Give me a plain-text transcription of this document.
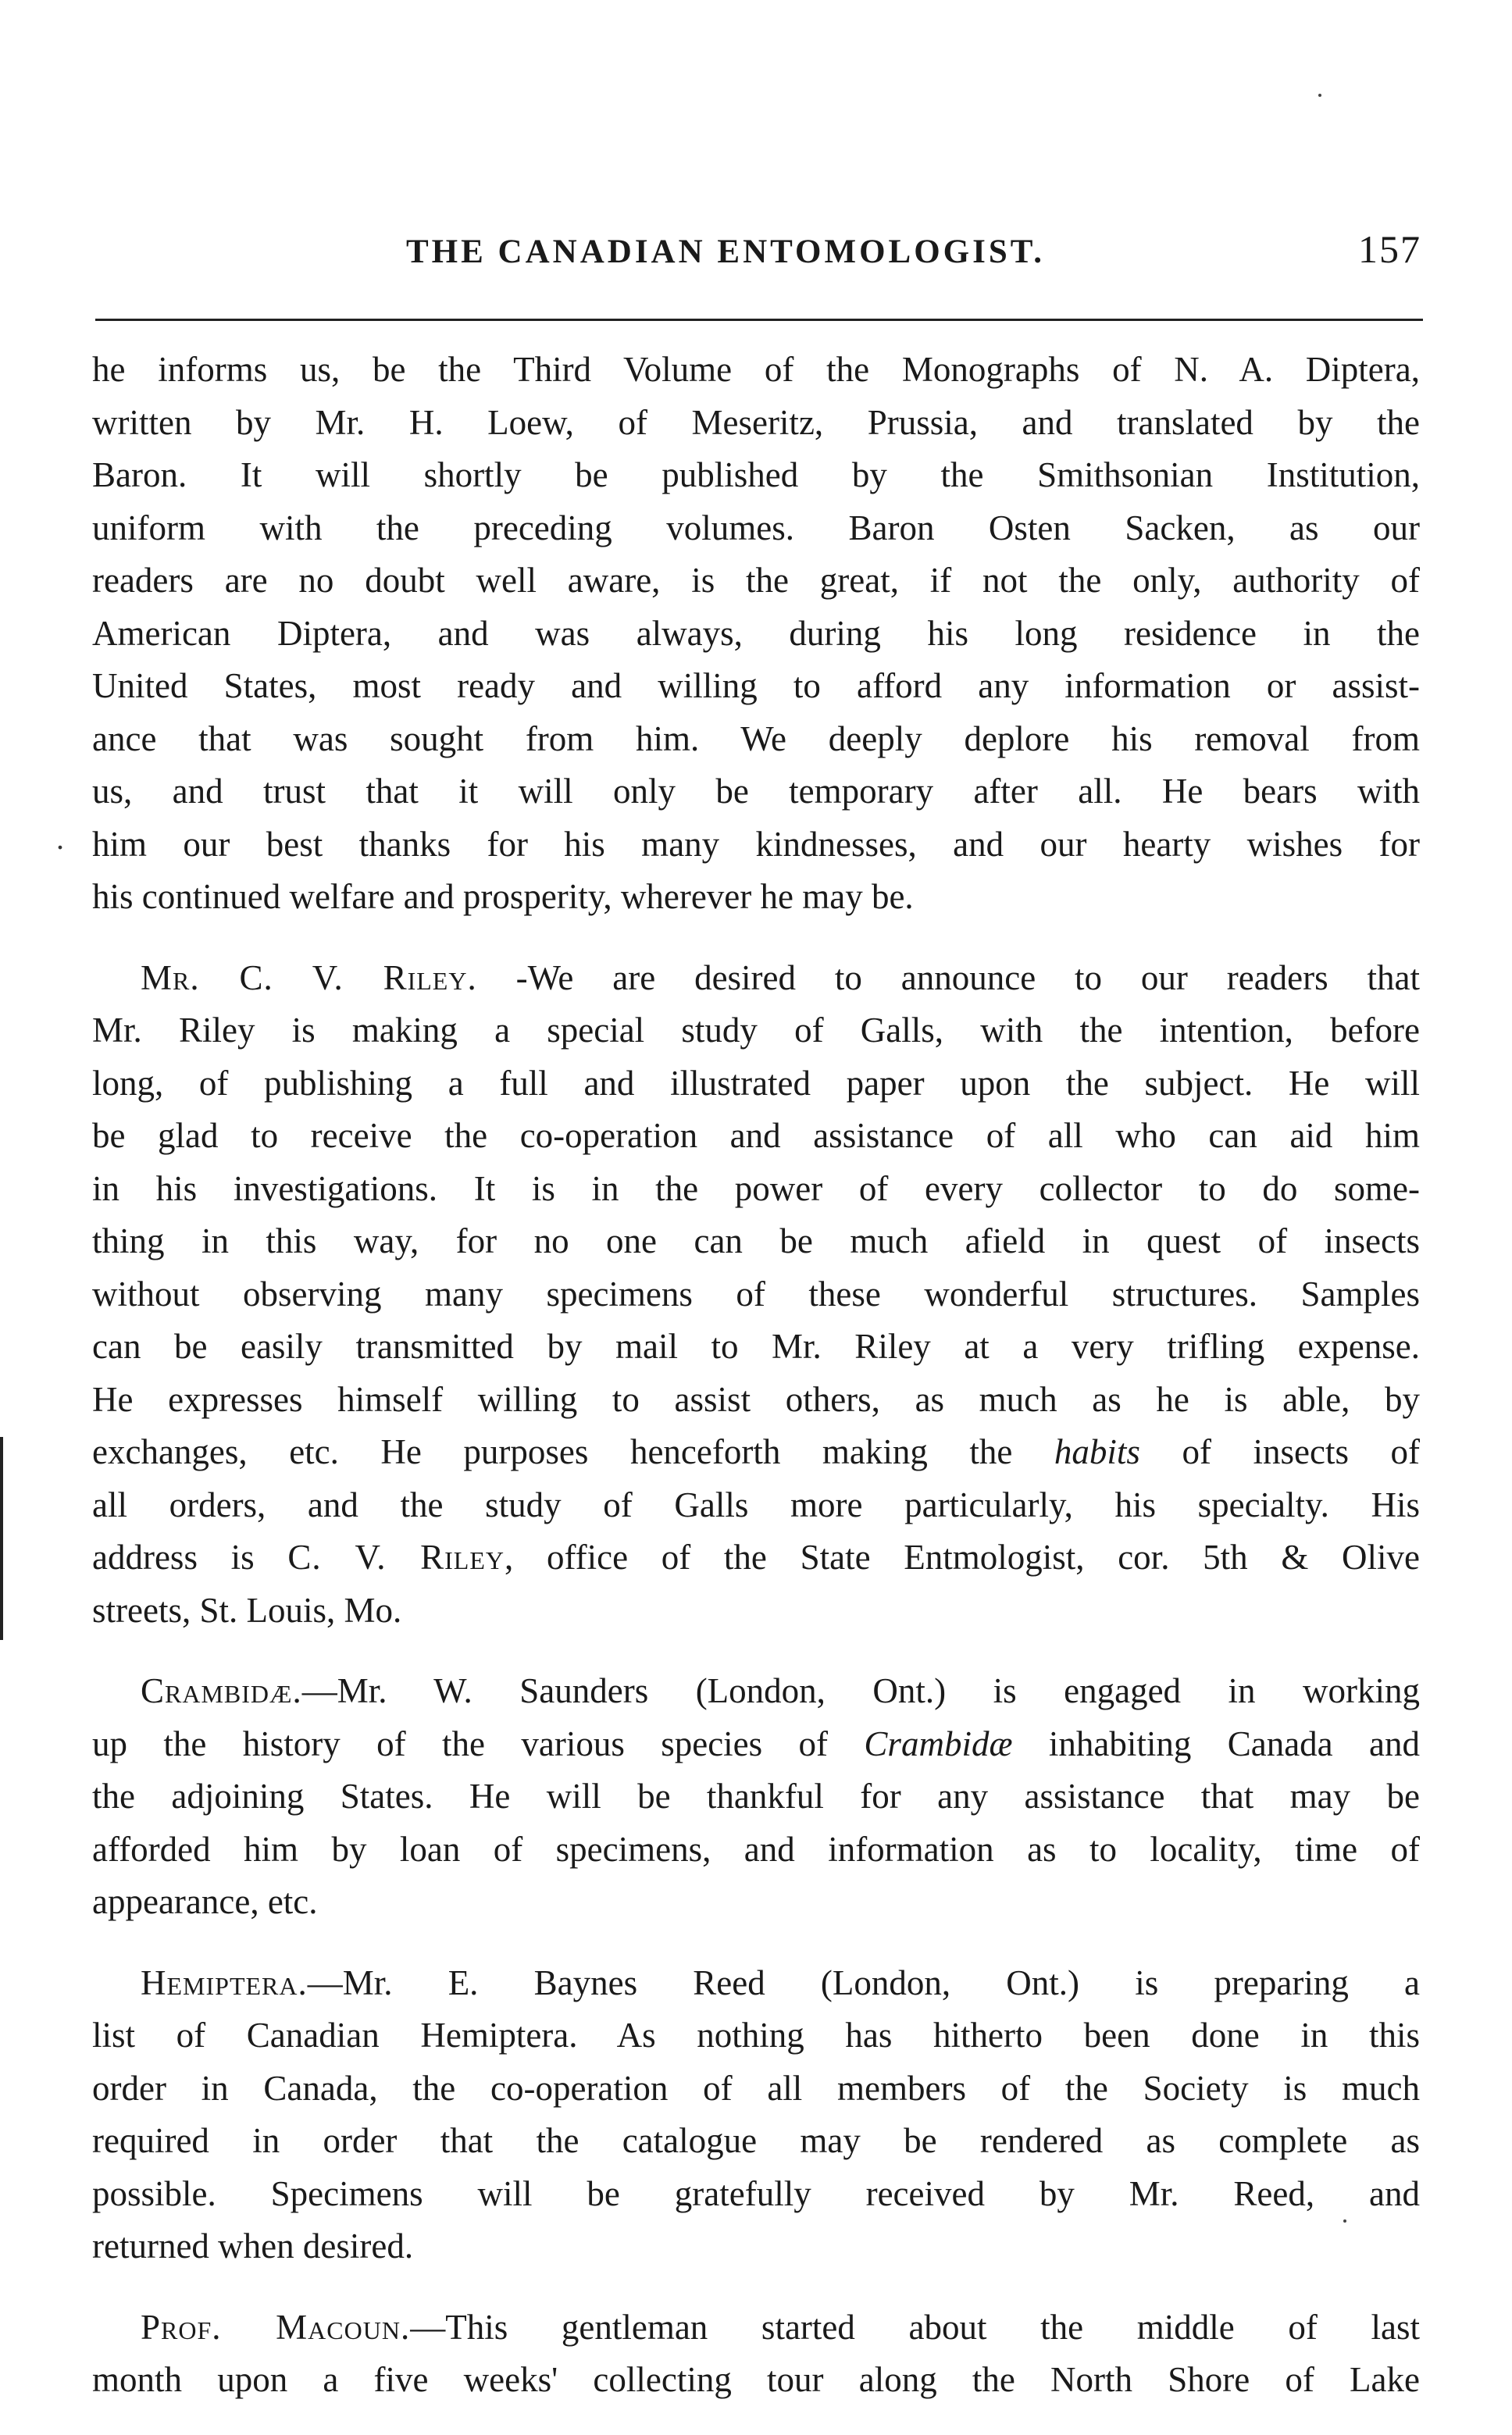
THE CANADIAN ENTOMOLOGIST.	157
.
he informs us, be the Third Volume of the Monographs of N. A. Diptera,
written by Mr. H. Loew, of Meseritz, Prussia, and translated by the
Baron. It will shortly be published by the Smithsonian Institution,
uniform with the preceding volumes. Baron Osten Sacken, as our
readers are no doubt well aware, is the great, if not the only, authority of
American Diptera, and was always, during his long residence in the
United States, most ready and willing to afford any information or assist-
ance that was sought from him. We deeply deplore his removal from
us, and trust that it will only be temporary after all. He bears with
him our best thanks for his many kindnesses, and our hearty wishes for
his continued welfare and prosperity, wherever he may be.
Mr. C. V. Riley. -We are desired to announce to our readers that
Mr. Riley is making a special study of Galls, with the intention, before
long, of publishing a full and illustrated paper upon the subject. He will
be glad to receive the co-operation and assistance of all who can aid him
in his investigations. It is in the power of every collector to do some-
thing in this way, for no one can be much afield in quest of insects
without observing many specimens of these wonderful structures. Samples
can be easily transmitted by mail to Mr. Riley at a very trifling expense.
He expresses himself willing to assist others, as much as he is able, by
exchanges, etc. He purposes henceforth making the habits of insects of
all orders, and the study of Galls more particularly, his specialty. His
address is C. V. Riley, office of the State Entmologist, cor. 5th & Olive
streets, St. Louis, Mo.
Crambidæ.—Mr. W. Saunders (London, Ont.) is engaged in working
up the history of the various species of Crambidæ inhabiting Canada and
the adjoining States. He will be thankful for any assistance that may be
afforded him by loan of specimens, and information as to locality, time of
appearance, etc.
Hemiptera.—Mr. E. Baynes Reed (London, Ont.) is preparing a
list of Canadian Hemiptera. As nothing has hitherto been done in this
order in Canada, the co-operation of all members of the Society is much
required in order that the catalogue may be rendered as complete as
possible. Specimens will be gratefully received by Mr. Reed, and
returned when desired.
Prof. Macoun.—This gentleman started about the middle of last
month upon a five weeks' collecting tour along the North Shore of Lake
